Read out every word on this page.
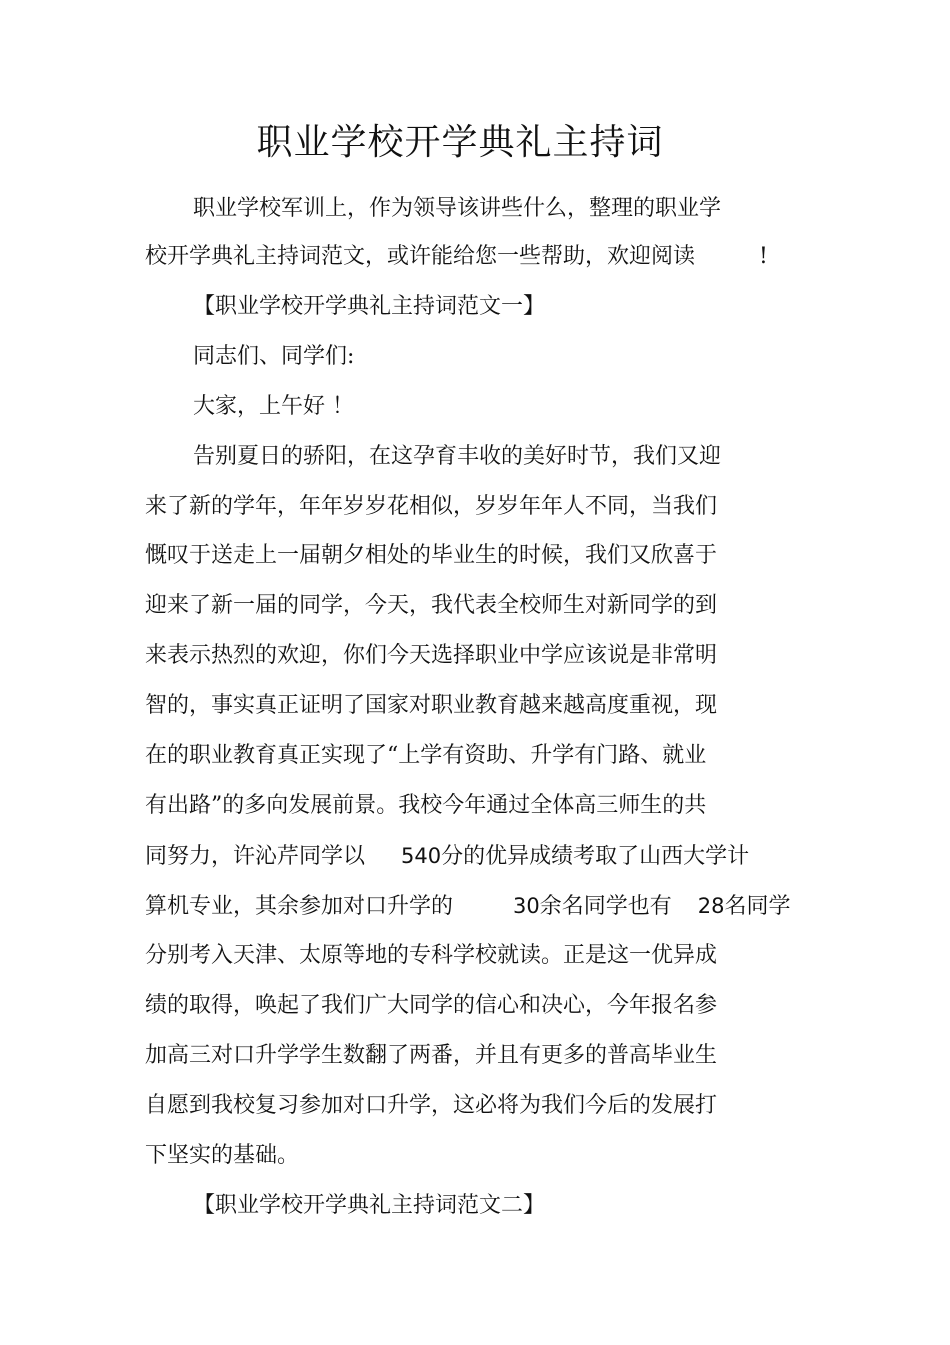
职业学校开学典礼主持词
职业学校军训上，作为领导该讲些什么，整理的职业学
校开学典礼主持词范文，或许能给您一些帮助，欢迎阅读	!
【职业学校开学典礼主持词范文一】
同志们、同学们:
大家，上午好 ！
告别夏日的骄阳，在这孕育丰收的美好时节，我们又迎
来了新的学年，年年岁岁花相似，岁岁年年人不同，当我们
慨叹于送走上一届朝夕相处的毕业生的时候，我们又欣喜于
迎来了新一届的同学，今天，我代表全校师生对新同学的到
来表示热烈的欢迎，你们今天选择职业中学应该说是非常明
智的，事实真正证明了国家对职业教育越来越高度重视，现
在的职业教育真正实现了“上学有资助、升学有门路、就业
有出路”的多向发展前景。我校今年通过全体高三师生的共
同努力，许沁芹同学以 540分的优异成绩考取了山西大学计
算机专业，其余参加对口升学的	30余名同学也有 28名同学
分别考入天津、太原等地的专科学校就读。正是这一优异成
绩的取得，唤起了我们广大同学的信心和决心，今年报名参
加高三对口升学学生数翻了两番，并且有更多的普高毕业生
自愿到我校复习参加对口升学，这必将为我们今后的发展打
下坚实的基础。
【职业学校开学典礼主持词范文二】
